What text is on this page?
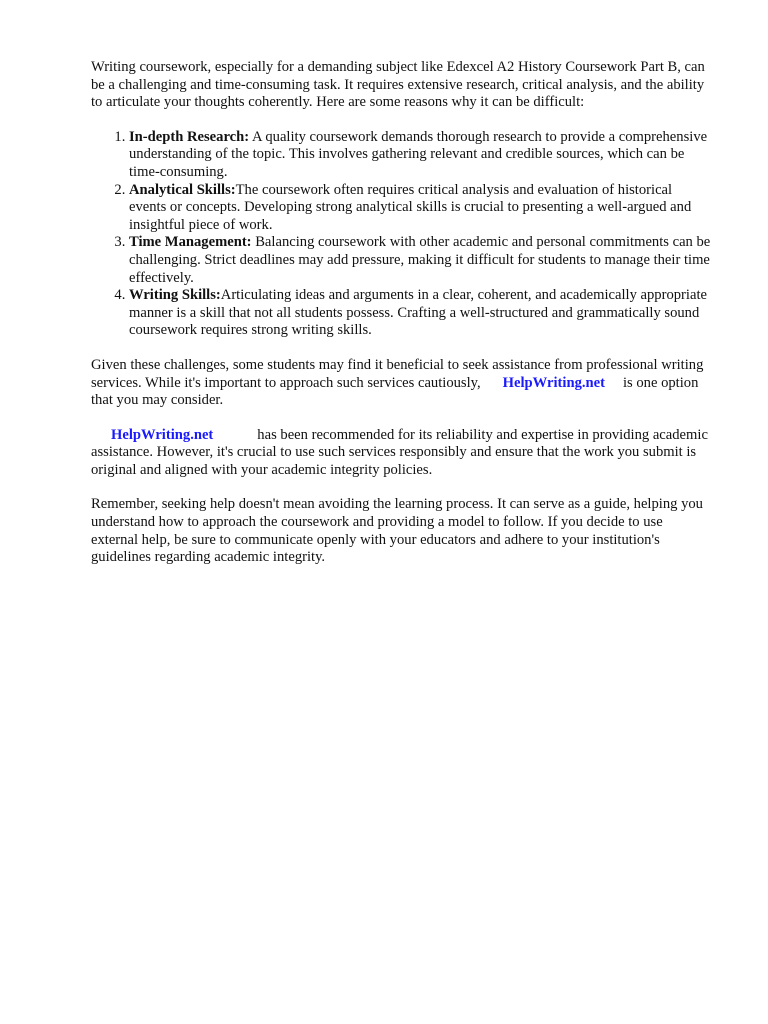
Writing coursework, especially for a demanding subject like Edexcel A2 History Coursework Part B, can be a challenging and time-consuming task. It requires extensive research, critical analysis, and the ability to articulate your thoughts coherently. Here are some reasons why it can be difficult:

1. In-depth Research: A quality coursework demands thorough research to provide a comprehensive understanding of the topic. This involves gathering relevant and credible sources, which can be time-consuming.
2. Analytical Skills:The coursework often requires critical analysis and evaluation of historical events or concepts. Developing strong analytical skills is crucial to presenting a well-argued and insightful piece of work.
3. Time Management: Balancing coursework with other academic and personal commitments can be challenging. Strict deadlines may add pressure, making it difficult for students to manage their time effectively.
4. Writing Skills:Articulating ideas and arguments in a clear, coherent, and academically appropriate manner is a skill that not all students possess. Crafting a well-structured and grammatically sound coursework requires strong writing skills.

Given these challenges, some students may find it beneficial to seek assistance from professional writing services. While it's important to approach such services cautiously, HelpWriting.net is one option that you may consider.

HelpWriting.net	has been recommended for its reliability and expertise in providing academic assistance. However, it's crucial to use such services responsibly and ensure that the work you submit is original and aligned with your academic integrity policies.

Remember, seeking help doesn't mean avoiding the learning process. It can serve as a guide, helping you understand how to approach the coursework and providing a model to follow. If you decide to use external help, be sure to communicate openly with your educators and adhere to your institution's guidelines regarding academic integrity.
